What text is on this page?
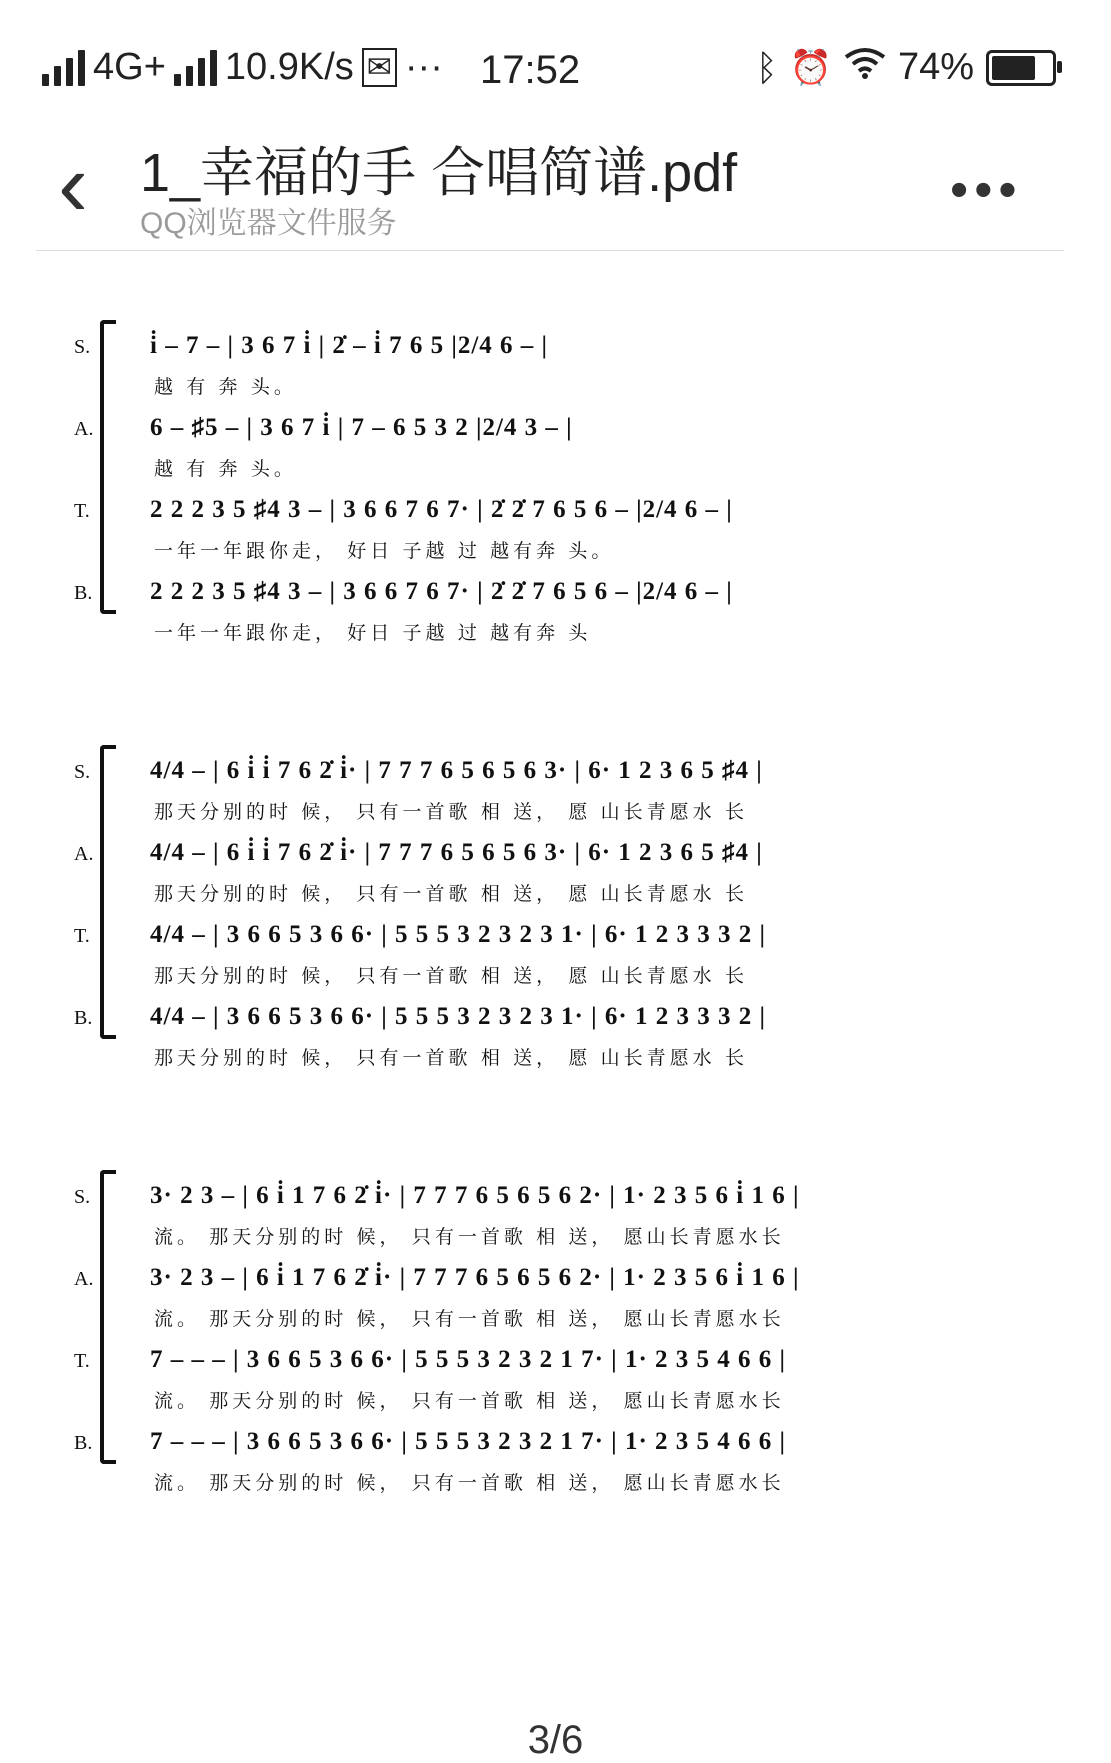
4G+ 10.9K/s ✉ ··· 17:52	ᛒ ⏰ 74%
‹ 1_幸福的手 合唱简谱.pdf
QQ浏览器文件服务
•••
S. i̇ – 7 – | 3 6 7 i̇ | 2̇ – i̇ 7 6 5 |2/4 6 – |
越 有 奔 头。
A. 6 – ♯5 – | 3 6 7 i̇ | 7 – 6 5 3 2 |2/4 3 – |
越 有 奔 头。
T. 2 2 2 3 5 ♯4 3 – | 3 6 6 7 6 7· | 2̇ 2̇ 7 6 5 6 – |2/4 6 – |
一年一年跟你走， 好日 子越 过 越有奔 头。
B. 2 2 2 3 5 ♯4 3 – | 3 6 6 7 6 7· | 2̇ 2̇ 7 6 5 6 – |2/4 6 – |
一年一年跟你走， 好日 子越 过 越有奔 头
S. 4/4 – | 6 i̇ i̇ 7 6 2̇ i̇· | 7 7 7 6 5 6 5 6 3· | 6· 1 2 3 6 5 ♯4 |
那天分别的时 候， 只有一首歌 相 送， 愿 山长青愿水 长
A. 4/4 – | 6 i̇ i̇ 7 6 2̇ i̇· | 7 7 7 6 5 6 5 6 3· | 6· 1 2 3 6 5 ♯4 |
那天分别的时 候， 只有一首歌 相 送， 愿 山长青愿水 长
T. 4/4 – | 3 6 6 5 3 6 6· | 5 5 5 3 2 3 2 3 1· | 6· 1 2 3 3 3 2 |
那天分别的时 候， 只有一首歌 相 送， 愿 山长青愿水 长
B. 4/4 – | 3 6 6 5 3 6 6· | 5 5 5 3 2 3 2 3 1· | 6· 1 2 3 3 3 2 |
那天分别的时 候， 只有一首歌 相 送， 愿 山长青愿水 长
S. 3· 2 3 – | 6 i̇ 1 7 6 2̇ i̇· | 7 7 7 6 5 6 5 6 2· | 1· 2 3 5 6 i̇ 1 6 |
流。 那天分别的时 候， 只有一首歌 相 送， 愿山长青愿水长
A. 3· 2 3 – | 6 i̇ 1 7 6 2̇ i̇· | 7 7 7 6 5 6 5 6 2· | 1· 2 3 5 6 i̇ 1 6 |
流。 那天分别的时 候， 只有一首歌 相 送， 愿山长青愿水长
T. 7 – – – | 3 6 6 5 3 6 6· | 5 5 5 3 2 3 2 1 7· | 1· 2 3 5 4 6 6 |
流。 那天分别的时 候， 只有一首歌 相 送， 愿山长青愿水长
B. 7 – – – | 3 6 6 5 3 6 6· | 5 5 5 3 2 3 2 1 7· | 1· 2 3 5 4 6 6 |
流。 那天分别的时 候， 只有一首歌 相 送， 愿山长青愿水长
3/6
